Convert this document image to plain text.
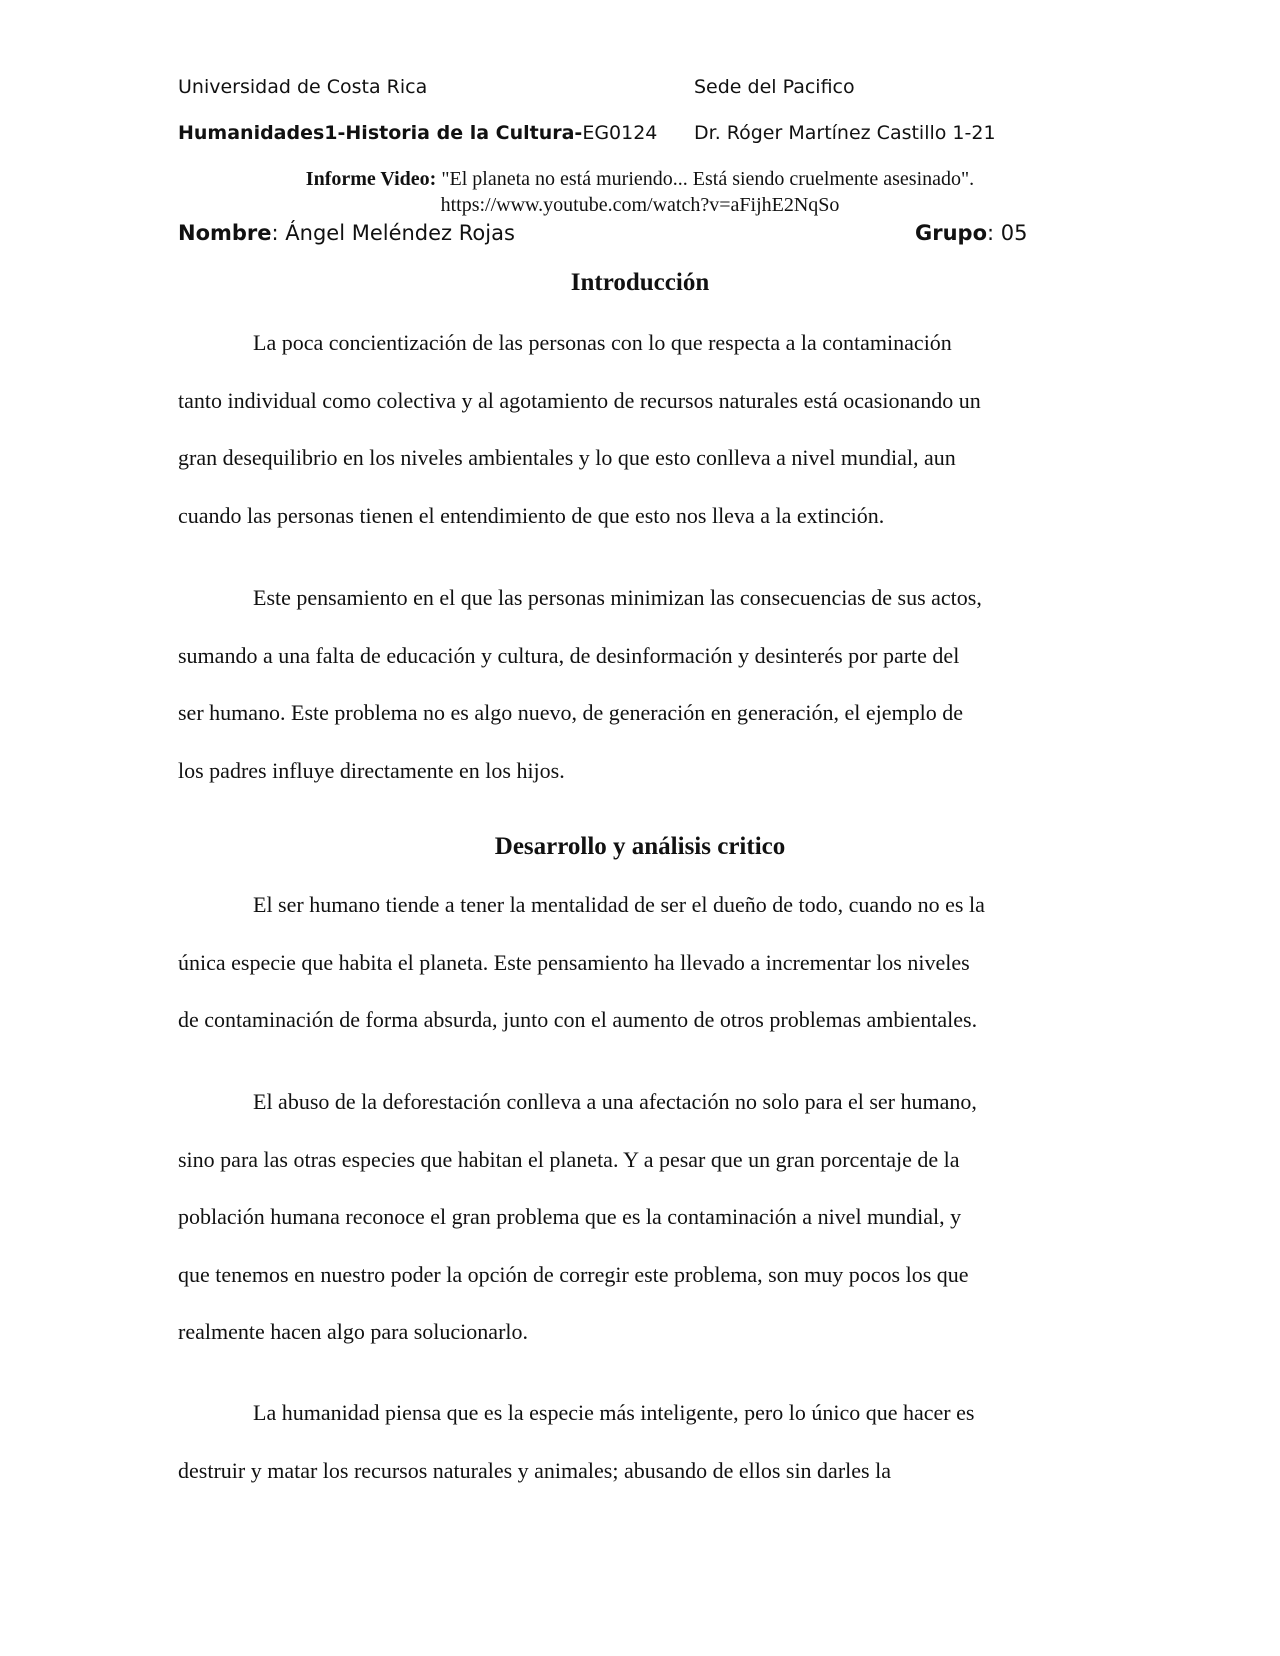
Universidad de Costa Rica	Sede del Pacifico
Humanidades1-Historia de la Cultura-EG0124 Dr. Róger Martínez Castillo 1-21
Informe Video: "El planeta no está muriendo... Está siendo cruelmente asesinado".
https://www.youtube.com/watch?v=aFijhE2NqSo
Nombre: Ángel Meléndez Rojas	Grupo: 05
Introducción
La poca concientización de las personas con lo que respecta a la contaminación
tanto individual como colectiva y al agotamiento de recursos naturales está ocasionando un
gran desequilibrio en los niveles ambientales y lo que esto conlleva a nivel mundial, aun
cuando las personas tienen el entendimiento de que esto nos lleva a la extinción.
Este pensamiento en el que las personas minimizan las consecuencias de sus actos,
sumando a una falta de educación y cultura, de desinformación y desinterés por parte del
ser humano. Este problema no es algo nuevo, de generación en generación, el ejemplo de
los padres influye directamente en los hijos.
Desarrollo y análisis critico
El ser humano tiende a tener la mentalidad de ser el dueño de todo, cuando no es la
única especie que habita el planeta. Este pensamiento ha llevado a incrementar los niveles
de contaminación de forma absurda, junto con el aumento de otros problemas ambientales.
El abuso de la deforestación conlleva a una afectación no solo para el ser humano,
sino para las otras especies que habitan el planeta. Y a pesar que un gran porcentaje de la
población humana reconoce el gran problema que es la contaminación a nivel mundial, y
que tenemos en nuestro poder la opción de corregir este problema, son muy pocos los que
realmente hacen algo para solucionarlo.
La humanidad piensa que es la especie más inteligente, pero lo único que hacer es
destruir y matar los recursos naturales y animales; abusando de ellos sin darles la
